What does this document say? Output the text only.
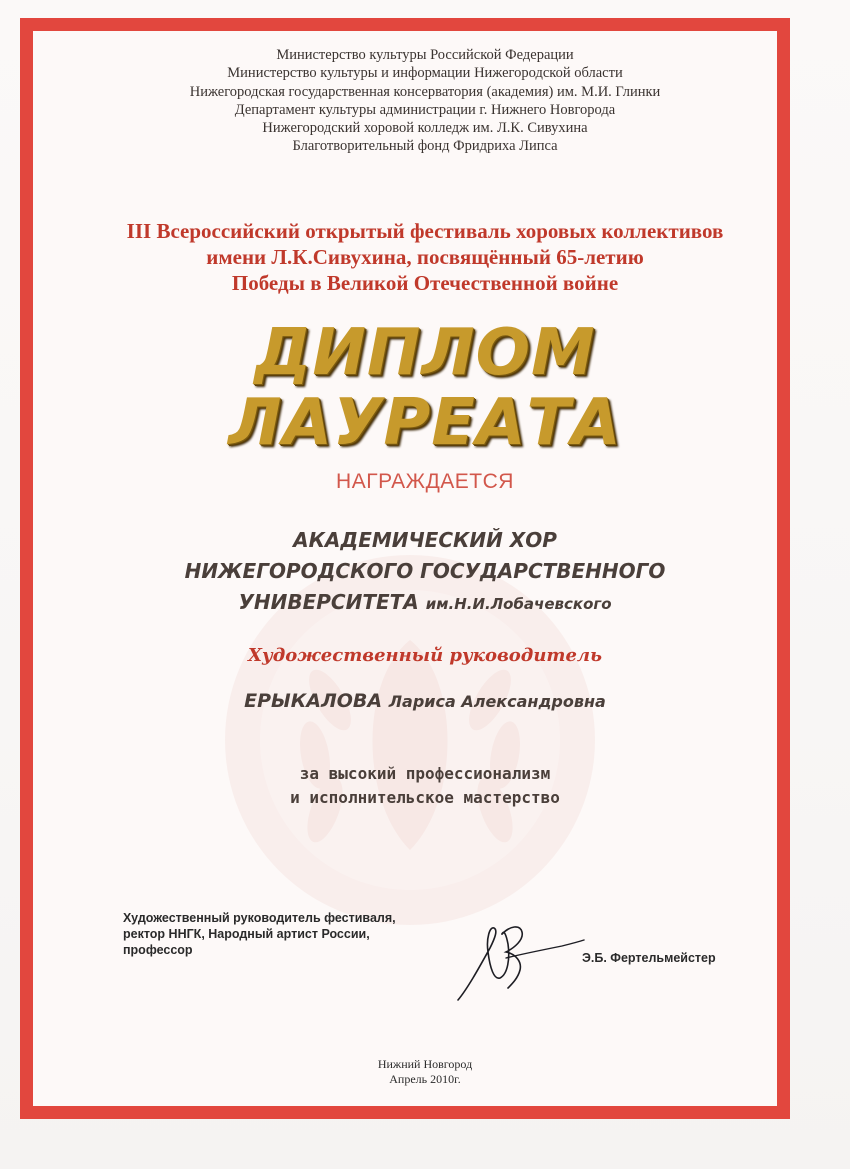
Министерство культуры Российской Федерации
Министерство культуры и информации Нижегородской области
Нижегородская государственная консерватория (академия) им. М.И. Глинки
Департамент культуры администрации г. Нижнего Новгорода
Нижегородский хоровой колледж им. Л.К. Сивухина
Благотворительный фонд Фридриха Липса
III Всероссийский открытый фестиваль хоровых коллективов
имени Л.К.Сивухина, посвящённый 65-летию
Победы в Великой Отечественной войне
ДИПЛОМ
ЛАУРЕАТА
НАГРАЖДАЕТСЯ
АКАДЕМИЧЕСКИЙ ХОР
НИЖЕГОРОДСКОГО ГОСУДАРСТВЕННОГО
УНИВЕРСИТЕТА им.Н.И.Лобачевского
Художественный руководитель
ЕРЫКАЛОВА Лариса Александровна
за высокий профессионализм
и исполнительское мастерство
Художественный руководитель фестиваля,
ректор ННГК, Народный артист России,
профессор
Э.Б. Фертельмейстер
Нижний Новгород
Апрель 2010г.
